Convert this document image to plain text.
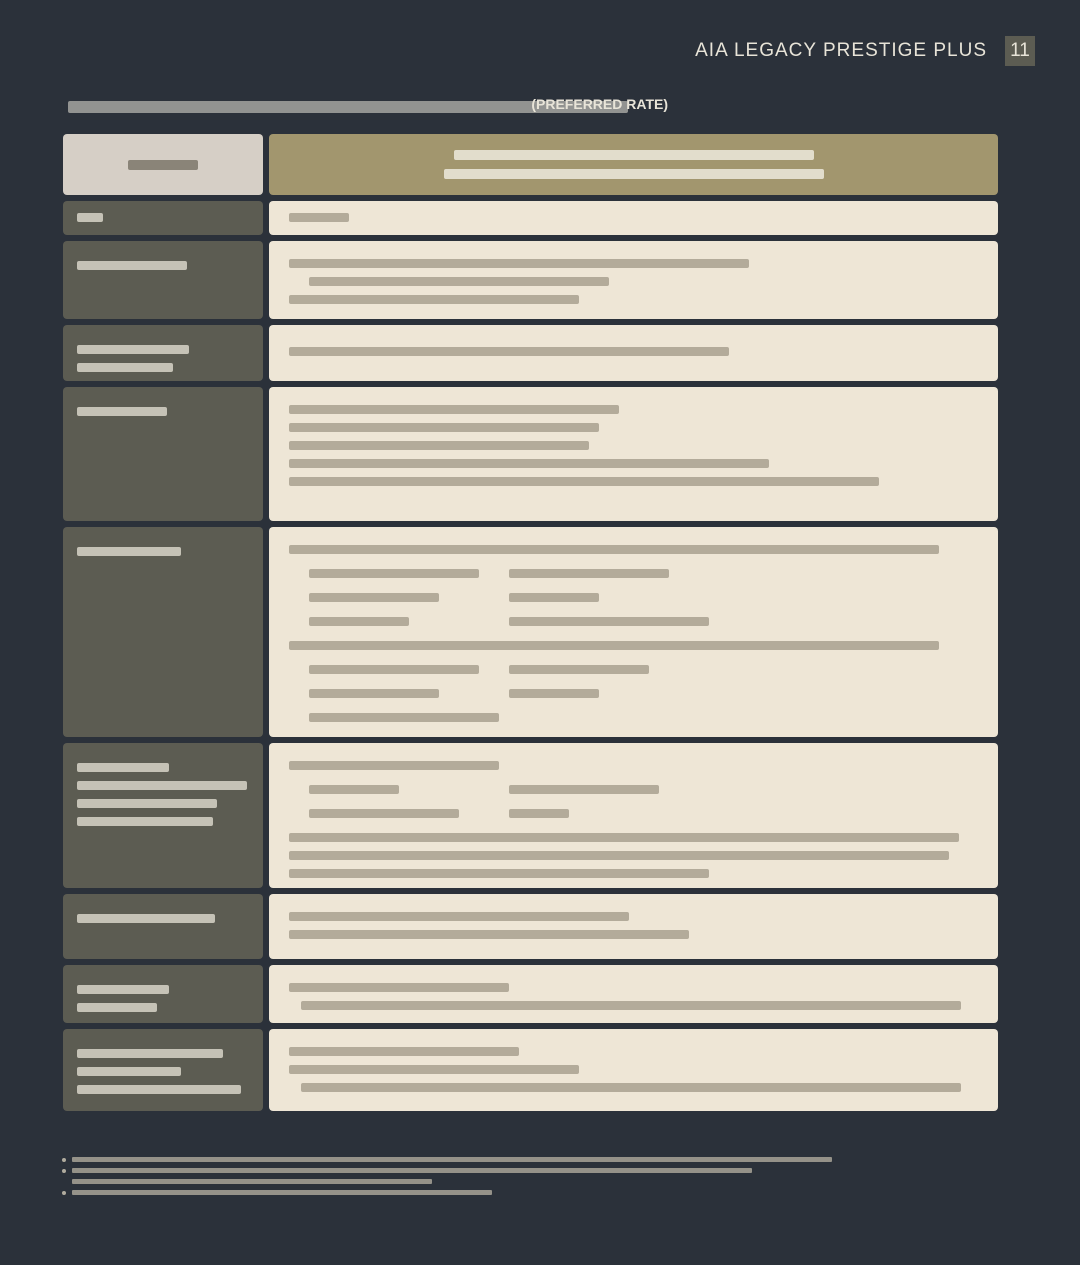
AIA LEGACY PRESTIGE PLUS 11
(PREFERRED RATE)
